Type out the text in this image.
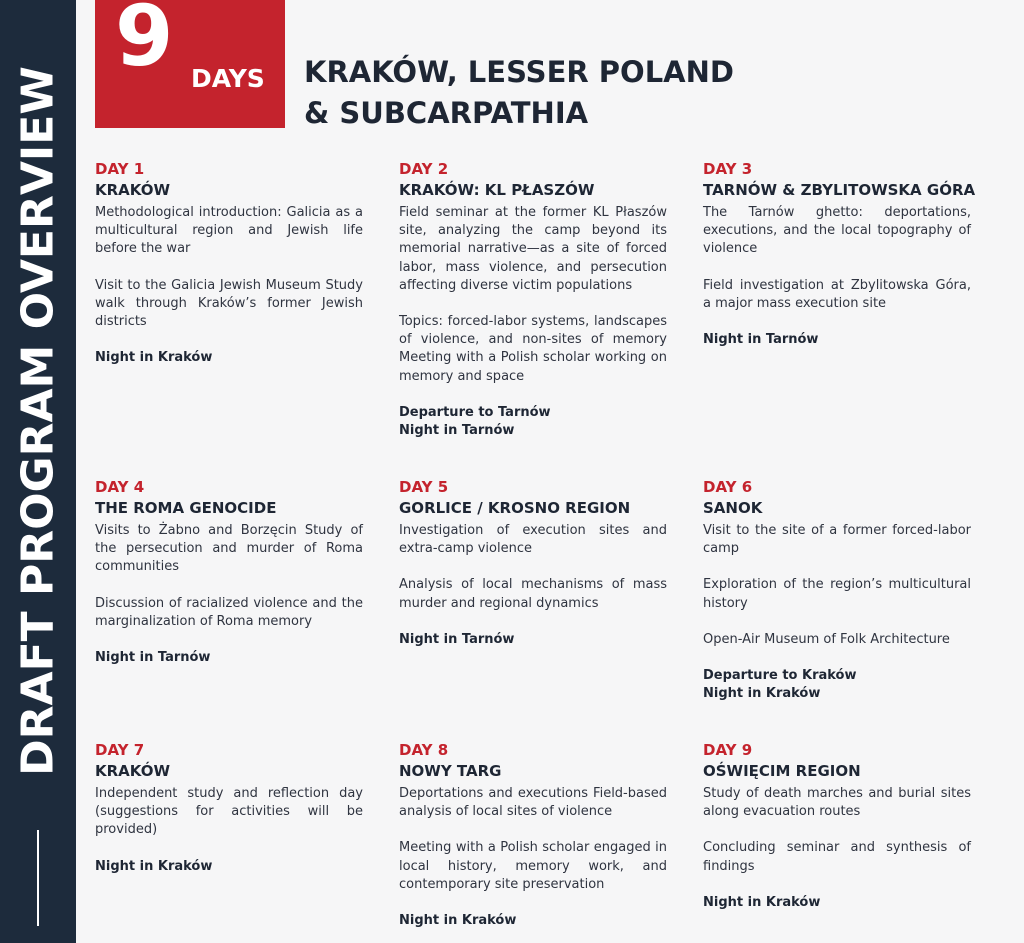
DRAFT PROGRAM OVERVIEW
9 DAYS KRAKÓW, LESSER POLAND
& SUBCARPATHIA
DAY 1
KRAKÓW

Methodological introduction: Galicia as a multicultural region and Jewish life before the war

Visit to the Galicia Jewish Museum Study walk through Kraków’s former Jewish districts

Night in Kraków

DAY 2
KRAKÓW: KL PŁASZÓW

Field seminar at the former KL Płaszów site, analyzing the camp beyond its memorial narrative—as a site of forced labor, mass violence, and persecution affecting diverse victim populations

Topics: forced-labor systems, landscapes of violence, and non-sites of memory Meeting with a Polish scholar working on memory and space

Departure to Tarnów

Night in Tarnów

DAY 3
TARNÓW & ZBYLITOWSKA GÓRA

The Tarnów ghetto: deportations, executions, and the local topography of violence

Field investigation at Zbylitowska Góra, a major mass execution site

Night in Tarnów

DAY 4
THE ROMA GENOCIDE

Visits to Żabno and Borzęcin Study of the persecution and murder of Roma communities

Discussion of racialized violence and the marginalization of Roma memory

Night in Tarnów

DAY 5
GORLICE / KROSNO REGION

Investigation of execution sites and extra-camp violence

Analysis of local mechanisms of mass murder and regional dynamics

Night in Tarnów

DAY 6
SANOK

Visit to the site of a former forced-labor camp

Exploration of the region’s multicultural history

Open-Air Museum of Folk Architecture

Departure to Kraków

Night in Kraków

DAY 7
KRAKÓW

Independent study and reflection day (suggestions for activities will be provided)

Night in Kraków

DAY 8
NOWY TARG

Deportations and executions Field-based analysis of local sites of violence

Meeting with a Polish scholar engaged in local history, memory work, and contemporary site preservation

Night in Kraków

DAY 9
OŚWIĘCIM REGION

Study of death marches and burial sites along evacuation routes

Concluding seminar and synthesis of findings

Night in Kraków
